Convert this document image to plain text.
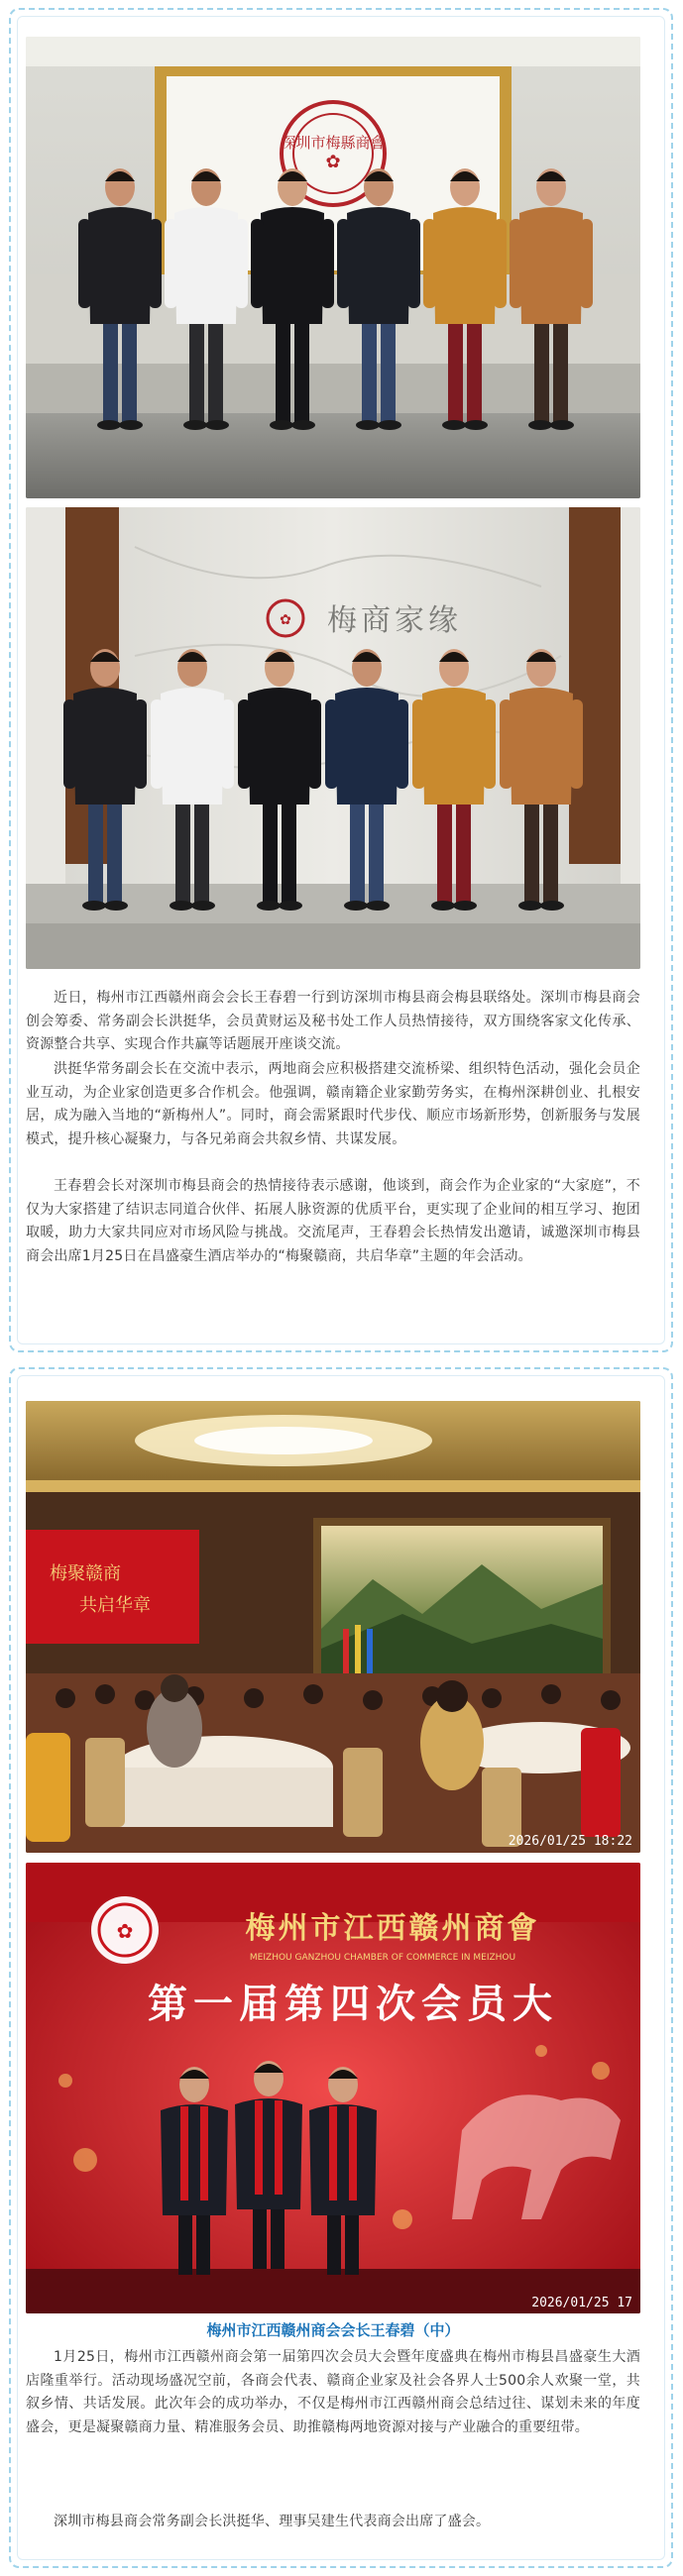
深圳市梅縣商會
✿
✿ 梅商家缘

近日，梅州市江西赣州商会会长王春碧一行到访深圳市梅县商会梅县联络处。深圳市梅县商会创会筹委、常务副会长洪挺华，会员黄财运及秘书处工作人员热情接待，双方围绕客家文化传承、资源整合共享、实现合作共赢等话题展开座谈交流。

洪挺华常务副会长在交流中表示，两地商会应积极搭建交流桥梁、组织特色活动，强化会员企业互动，为企业家创造更多合作机会。他强调，赣南籍企业家勤劳务实，在梅州深耕创业、扎根安居，成为融入当地的“新梅州人”。同时，商会需紧跟时代步伐、顺应市场新形势，创新服务与发展模式，提升核心凝聚力，与各兄弟商会共叙乡情、共谋发展。

王春碧会长对深圳市梅县商会的热情接待表示感谢，他谈到，商会作为企业家的“大家庭”，不仅为大家搭建了结识志同道合伙伴、拓展人脉资源的优质平台，更实现了企业间的相互学习、抱团取暖，助力大家共同应对市场风险与挑战。交流尾声，王春碧会长热情发出邀请，诚邀深圳市梅县商会出席1月25日在昌盛豪生酒店举办的“梅聚赣商，共启华章”主题的年会活动。

梅聚赣商
共启华章
2026/01/25 18:22
✿	梅州市江西赣州商會
MEIZHOU GANZHOU CHAMBER OF COMMERCE IN MEIZHOU
第一届第四次会员大
2026/01/25 17
梅州市江西赣州商会会长王春碧（中）

1月25日，梅州市江西赣州商会第一届第四次会员大会暨年度盛典在梅州市梅县昌盛豪生大酒店隆重举行。活动现场盛况空前，各商会代表、赣商企业家及社会各界人士500余人欢聚一堂，共叙乡情、共话发展。此次年会的成功举办，不仅是梅州市江西赣州商会总结过往、谋划未来的年度盛会，更是凝聚赣商力量、精准服务会员、助推赣梅两地资源对接与产业融合的重要纽带。

深圳市梅县商会常务副会长洪挺华、理事吴建生代表商会出席了盛会。
